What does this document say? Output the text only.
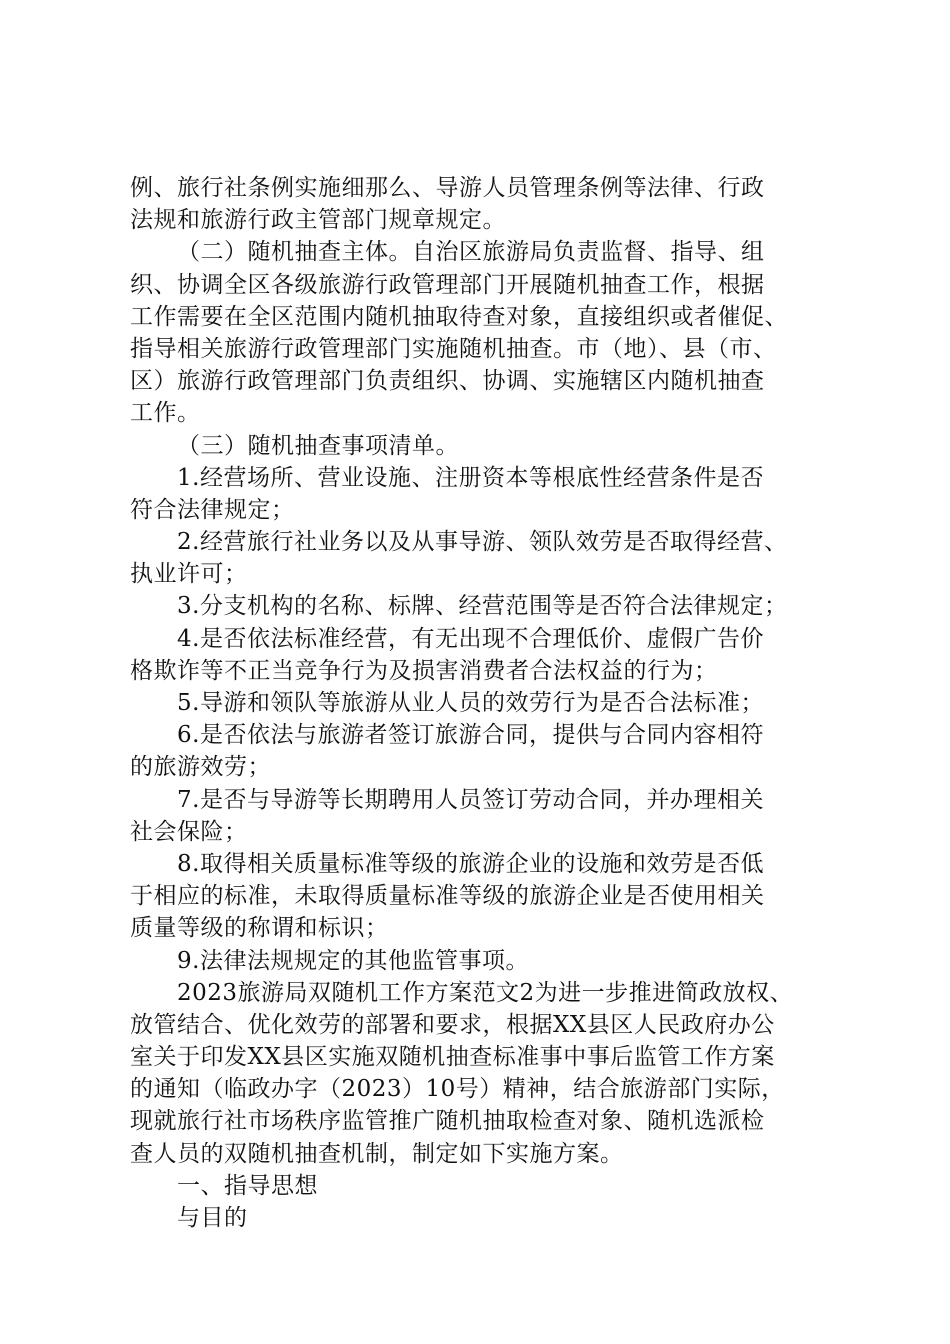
例、旅行社条例实施细那么、导游人员管理条例等法律、行政
法规和旅游行政主管部门规章规定。
（二）随机抽查主体。自治区旅游局负责监督、指导、组
织、协调全区各级旅游行政管理部门开展随机抽查工作，根据
工作需要在全区范围内随机抽取待查对象，直接组织或者催促、
指导相关旅游行政管理部门实施随机抽查。市（地）、县（市、
区）旅游行政管理部门负责组织、协调、实施辖区内随机抽查
工作。
（三）随机抽查事项清单。
1.经营场所、营业设施、注册资本等根底性经营条件是否
符合法律规定；
2.经营旅行社业务以及从事导游、领队效劳是否取得经营、
执业许可；
3.分支机构的名称、标牌、经营范围等是否符合法律规定；
4.是否依法标准经营，有无出现不合理低价、虚假广告价
格欺诈等不正当竞争行为及损害消费者合法权益的行为；
5.导游和领队等旅游从业人员的效劳行为是否合法标准；
6.是否依法与旅游者签订旅游合同，提供与合同内容相符
的旅游效劳；
7.是否与导游等长期聘用人员签订劳动合同，并办理相关
社会保险；
8.取得相关质量标准等级的旅游企业的设施和效劳是否低
于相应的标准，未取得质量标准等级的旅游企业是否使用相关
质量等级的称谓和标识；
9.法律法规规定的其他监管事项。
2023旅游局双随机工作方案范文2为进一步推进简政放权、
放管结合、优化效劳的部署和要求，根据XX县区人民政府办公
室关于印发XX县区实施双随机抽查标准事中事后监管工作方案
的通知（临政办字（2023）10号）精神，结合旅游部门实际，
现就旅行社市场秩序监管推广随机抽取检查对象、随机选派检
查人员的双随机抽查机制，制定如下实施方案。
一、指导思想
与目的
